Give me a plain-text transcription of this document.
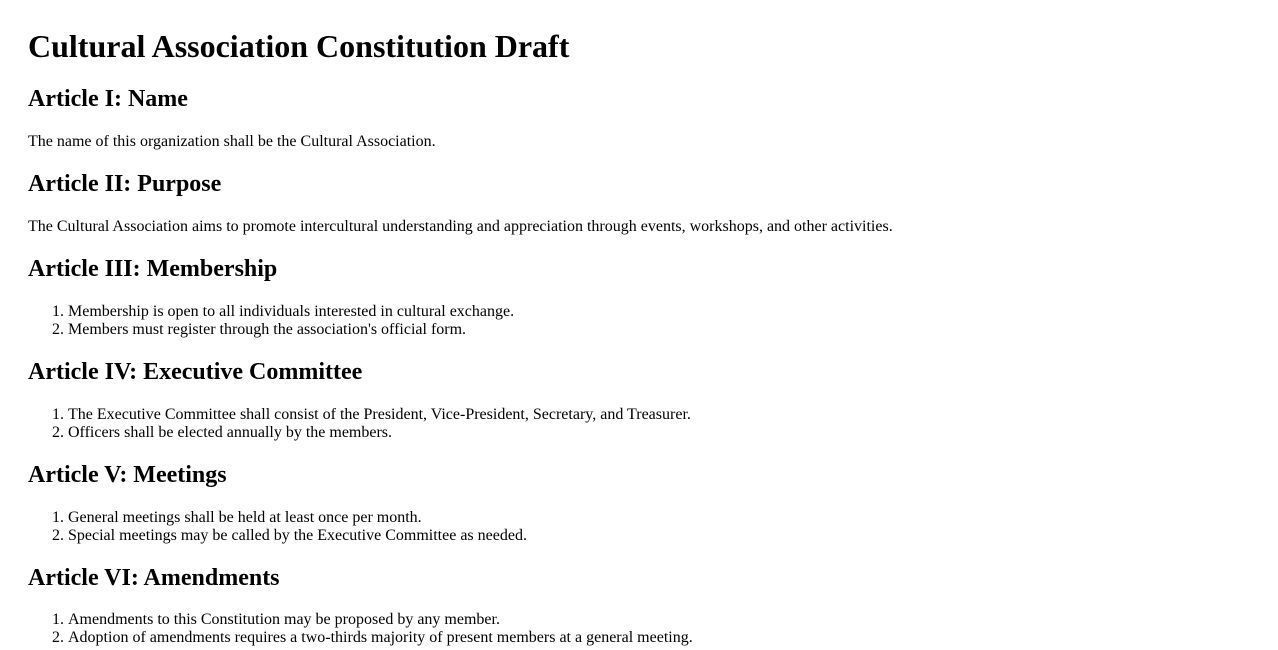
Cultural Association Constitution Draft
Article I: Name

The name of this organization shall be the Cultural Association.

Article II: Purpose

The Cultural Association aims to promote intercultural understanding and appreciation through events, workshops, and other activities.

Article III: Membership
1. Membership is open to all individuals interested in cultural exchange.
2. Members must register through the association's official form.
Article IV: Executive Committee
1. The Executive Committee shall consist of the President, Vice-President, Secretary, and Treasurer.
2. Officers shall be elected annually by the members.
Article V: Meetings
1. General meetings shall be held at least once per month.
2. Special meetings may be called by the Executive Committee as needed.
Article VI: Amendments
1. Amendments to this Constitution may be proposed by any member.
2. Adoption of amendments requires a two-thirds majority of present members at a general meeting.
